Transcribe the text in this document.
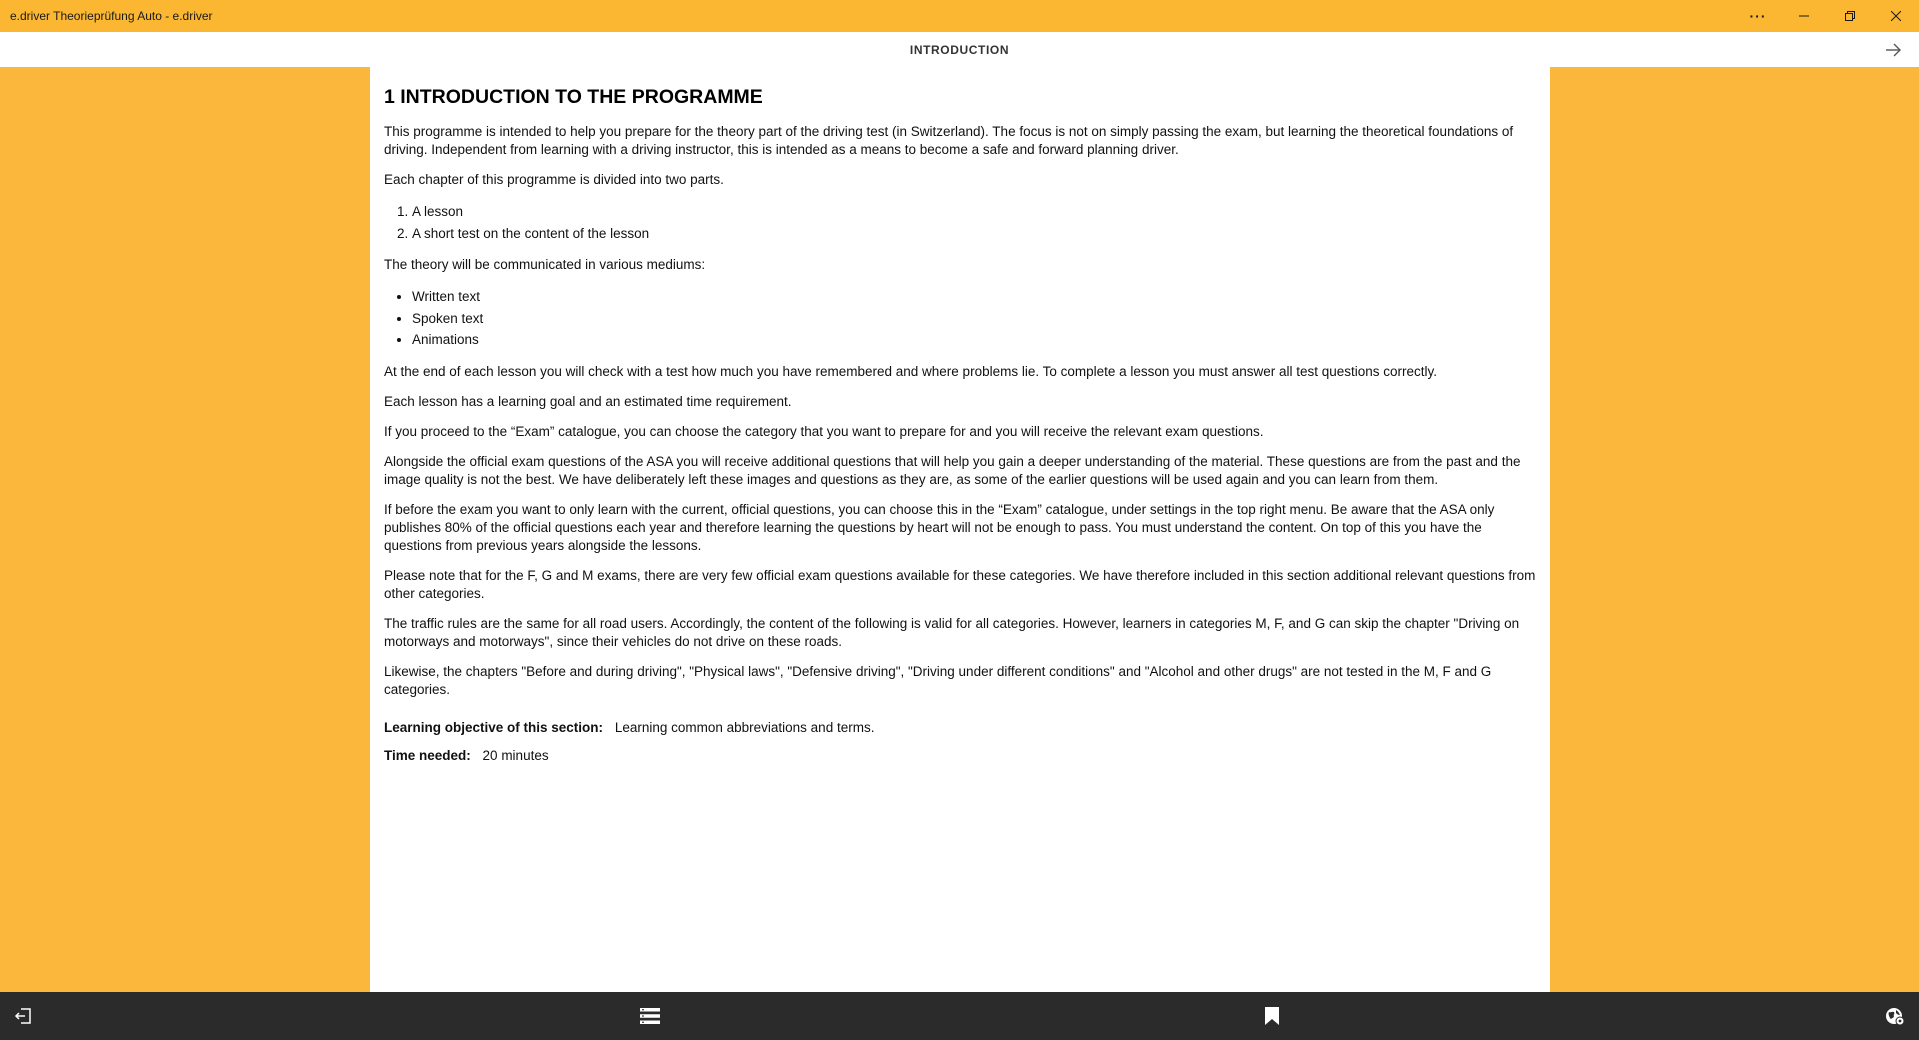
e.driver Theorieprüfung Auto - e.driver	···
INTRODUCTION
1 INTRODUCTION TO THE PROGRAMME

This programme is intended to help you prepare for the theory part of the driving test (in Switzerland). The focus is not on simply passing the exam, but learning the theoretical foundations of driving. Independent from learning with a driving instructor, this is intended as a means to become a safe and forward planning driver.

Each chapter of this programme is divided into two parts.

1. A lesson
2. A short test on the content of the lesson

The theory will be communicated in various mediums:

• Written text
• Spoken text
• Animations

At the end of each lesson you will check with a test how much you have remembered and where problems lie. To complete a lesson you must answer all test questions correctly.

Each lesson has a learning goal and an estimated time requirement.

If you proceed to the “Exam” catalogue, you can choose the category that you want to prepare for and you will receive the relevant exam questions.

Alongside the official exam questions of the ASA you will receive additional questions that will help you gain a deeper understanding of the material. These questions are from the past and the image quality is not the best. We have deliberately left these images and questions as they are, as some of the earlier questions will be used again and you can learn from them.

If before the exam you want to only learn with the current, official questions, you can choose this in the “Exam” catalogue, under settings in the top right menu. Be aware that the ASA only publishes 80% of the official questions each year and therefore learning the questions by heart will not be enough to pass. You must understand the content. On top of this you have the questions from previous years alongside the lessons.

Please note that for the F, G and M exams, there are very few official exam questions available for these categories. We have therefore included in this section additional relevant questions from other categories.

The traffic rules are the same for all road users. Accordingly, the content of the following is valid for all categories. However, learners in categories M, F, and G can skip the chapter "Driving on motorways and motorways", since their vehicles do not drive on these roads.

Likewise, the chapters "Before and during driving", "Physical laws", "Defensive driving", "Driving under different conditions" and "Alcohol and other drugs" are not tested in the M, F and G categories.

Learning objective of this section: Learning common abbreviations and terms.
Time needed: 20 minutes
